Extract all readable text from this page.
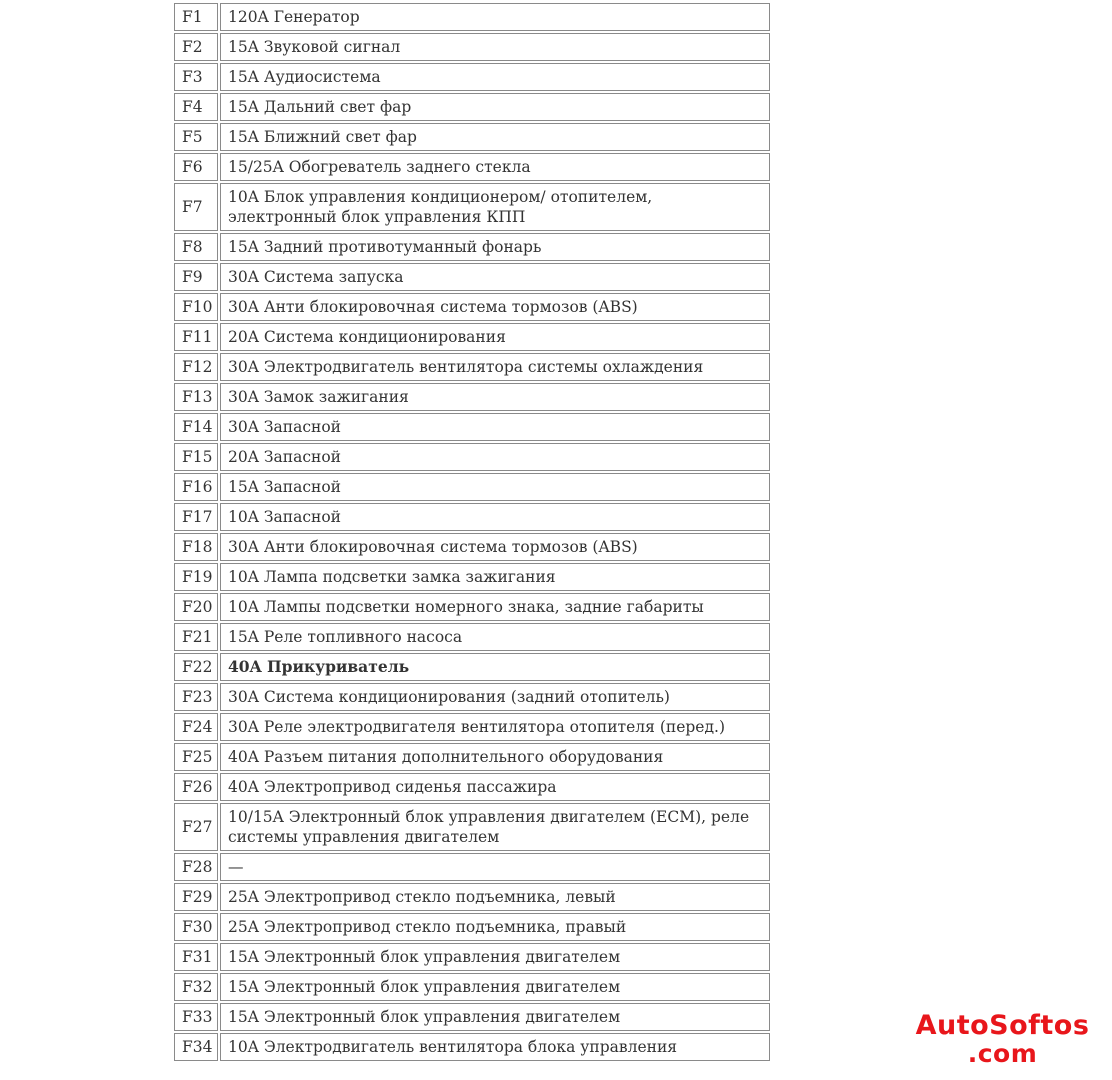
F1	120A Генератор
F2	15A Звуковой сигнал
F3	15A Аудиосистема
F4	15A Дальний свет фар
F5	15A Ближний свет фар
F6	15/25A Обогреватель заднего стекла
F7	10A Блок управления кондиционером/ отопителем, электронный блок управления КПП
F8	15A Задний противотуманный фонарь
F9	30A Система запуска
F10	30A Анти блокировочная система тормозов (ABS)
F11	20A Система кондиционирования
F12	30A Электродвигатель вентилятора системы охлаждения
F13	30A Замок зажигания
F14	30A Запасной
F15	20A Запасной
F16	15A Запасной
F17	10A Запасной
F18	30A Анти блокировочная система тормозов (ABS)
F19	10A Лампа подсветки замка зажигания
F20	10A Лампы подсветки номерного знака, задние габариты
F21	15A Реле топливного насоса
F22	40A Прикуриватель
F23	30A Система кондиционирования (задний отопитель)
F24	30A Реле электродвигателя вентилятора отопителя (перед.)
F25	40A Разъем питания дополнительного оборудования
F26	40A Электропривод сиденья пассажира
F27	10/15A Электронный блок управления двигателем (ECM), реле системы управления двигателем
F28	—
F29	25A Электропривод стекло подъемника, левый
F30	25A Электропривод стекло подъемника, правый
F31	15A Электронный блок управления двигателем
F32	15A Электронный блок управления двигателем
F33	15A Электронный блок управления двигателем
F34	10A Электродвигатель вентилятора блока управления
AutoSoftos
.com
